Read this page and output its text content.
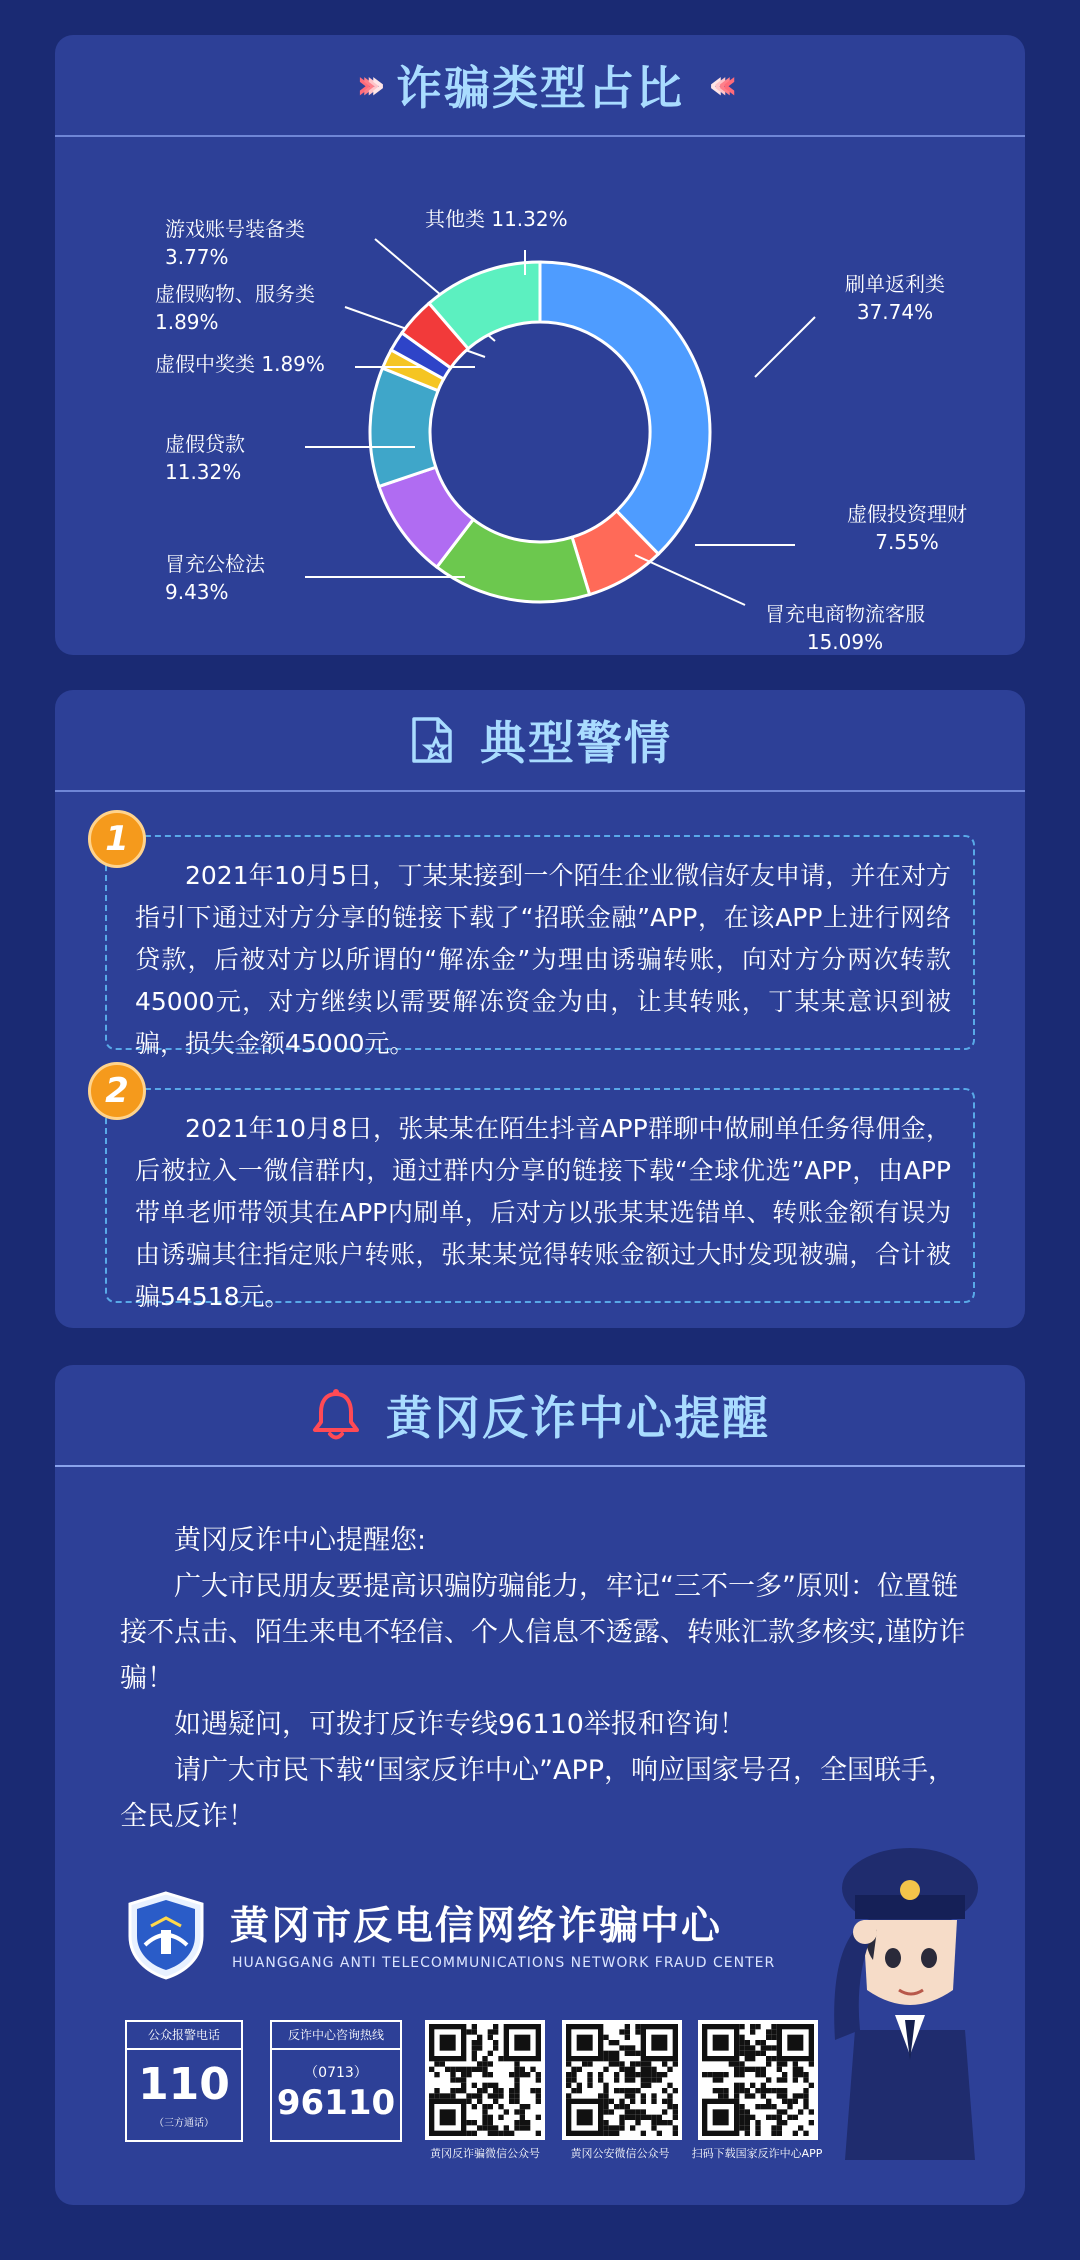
› › › › 诈骗类型占比 ‹ ‹ ‹ ‹
刷单返利类
37.74%
虚假投资理财
7.55%
冒充电商物流客服
15.09%
冒充公检法
9.43%
虚假贷款
11.32%
虚假中奖类 1.89%
虚假购物、服务类
1.89%
游戏账号装备类
3.77%
其他类 11.32%
典型警情
2021年10月5日，丁某某接到一个陌生企业微信好友申请，并在对方指引下通过对方分享的链接下载了“招联金融”APP，在该APP上进行网络贷款，后被对方以所谓的“解冻金”为理由诱骗转账，向对方分两次转款45000元，对方继续以需要解冻资金为由，让其转账，丁某某意识到被骗，损失金额45000元。
1
2021年10月8日，张某某在陌生抖音APP群聊中做刷单任务得佣金，后被拉入一微信群内，通过群内分享的链接下载“全球优选”APP，由APP带单老师带领其在APP内刷单，后对方以张某某选错单、转账金额有误为由诱骗其往指定账户转账，张某某觉得转账金额过大时发现被骗，合计被骗54518元。
2
黄冈反诈中心提醒

黄冈反诈中心提醒您:

广大市民朋友要提高识骗防骗能力，牢记“三不一多”原则：位置链接不点击、陌生来电不轻信、个人信息不透露、转账汇款多核实,谨防诈骗！

如遇疑问，可拨打反诈专线96110举报和咨询！

请广大市民下载“国家反诈中心”APP，响应国家号召，全国联手，全民反诈！

黄冈市反电信网络诈骗中心
HUANGGANG ANTI TELECOMMUNICATIONS NETWORK FRAUD CENTER
公众报警电话
110
（三方通话）
反诈中心咨询热线
（0713）
96110
黄冈反诈骗微信公众号	黄冈公安微信公众号	扫码下载国家反诈中心APP
